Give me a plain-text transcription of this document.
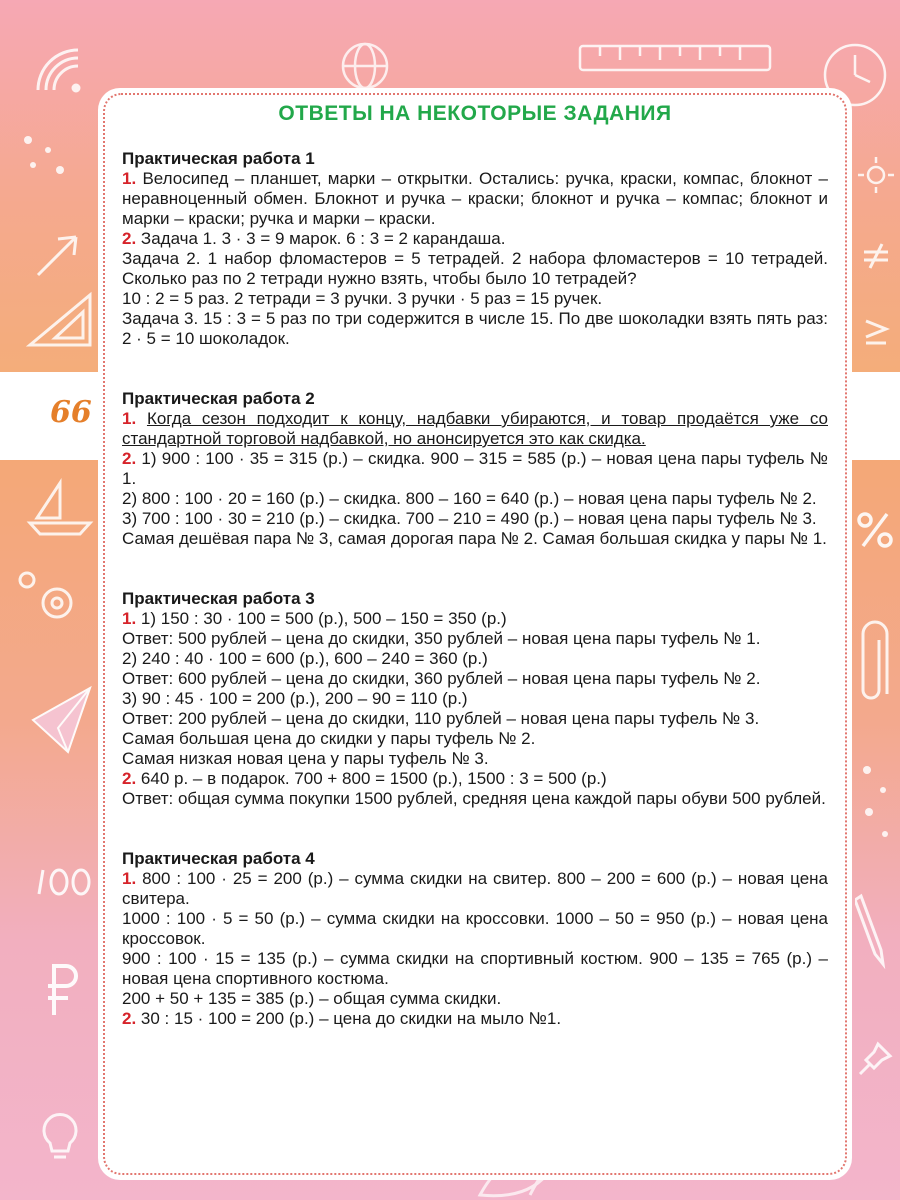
66
ОТВЕТЫ НА НЕКОТОРЫЕ ЗАДАНИЯ
Практическая работа 1
1. Велосипед – планшет, марки – открытки. Остались: ручка, краски, компас, блокнот – неравноценный обмен. Блокнот и ручка – краски; блокнот и ручка – компас; блокнот и марки – краски; ручка и марки – краски.
2. Задача 1. 3 · 3 = 9 марок. 6 : 3 = 2 карандаша.
Задача 2. 1 набор фломастеров = 5 тетрадей. 2 набора фломастеров = 10 тетрадей. Сколько раз по 2 тетради нужно взять, чтобы было 10 тетрадей?
10 : 2 = 5 раз. 2 тетради = 3 ручки. 3 ручки · 5 раз = 15 ручек.
Задача 3. 15 : 3 = 5 раз по три содержится в числе 15. По две шоколадки взять пять раз: 2 · 5 = 10 шоколадок.
Практическая работа 2
1. Когда сезон подходит к концу, надбавки убираются, и товар продаётся уже со стандартной торговой надбавкой, но анонсируется это как скидка.
2. 1) 900 : 100 · 35 = 315 (р.) – скидка. 900 – 315 = 585 (р.) – новая цена пары туфель № 1.
2) 800 : 100 · 20 = 160 (р.) – скидка. 800 – 160 = 640 (р.) – новая цена пары туфель № 2.
3) 700 : 100 · 30 = 210 (р.) – скидка. 700 – 210 = 490 (р.) – новая цена пары туфель № 3.
Самая дешёвая пара № 3, самая дорогая пара № 2. Самая большая скидка у пары № 1.
Практическая работа 3
1. 1) 150 : 30 · 100 = 500 (р.), 500 – 150 = 350 (р.)
Ответ: 500 рублей – цена до скидки, 350 рублей – новая цена пары туфель № 1.
2) 240 : 40 · 100 = 600 (р.), 600 – 240 = 360 (р.)
Ответ: 600 рублей – цена до скидки, 360 рублей – новая цена пары туфель № 2.
3) 90 : 45 · 100 = 200 (р.), 200 – 90 = 110 (р.)
Ответ: 200 рублей – цена до скидки, 110 рублей – новая цена пары туфель № 3.
Самая большая цена до скидки у пары туфель № 2.
Самая низкая новая цена у пары туфель № 3.
2. 640 р. – в подарок. 700 + 800 = 1500 (р.), 1500 : 3 = 500 (р.)
Ответ: общая сумма покупки 1500 рублей, средняя цена каждой пары обуви 500 рублей.
Практическая работа 4
1. 800 : 100 · 25 = 200 (р.) – сумма скидки на свитер. 800 – 200 = 600 (р.) – новая цена свитера.
1000 : 100 · 5 = 50 (р.) – сумма скидки на кроссовки. 1000 – 50 = 950 (р.) – новая цена кроссовок.
900 : 100 · 15 = 135 (р.) – сумма скидки на спортивный костюм. 900 – 135 = 765 (р.) – новая цена спортивного костюма.
200 + 50 + 135 = 385 (р.) – общая сумма скидки.
2. 30 : 15 · 100 = 200 (р.) – цена до скидки на мыло №1.
